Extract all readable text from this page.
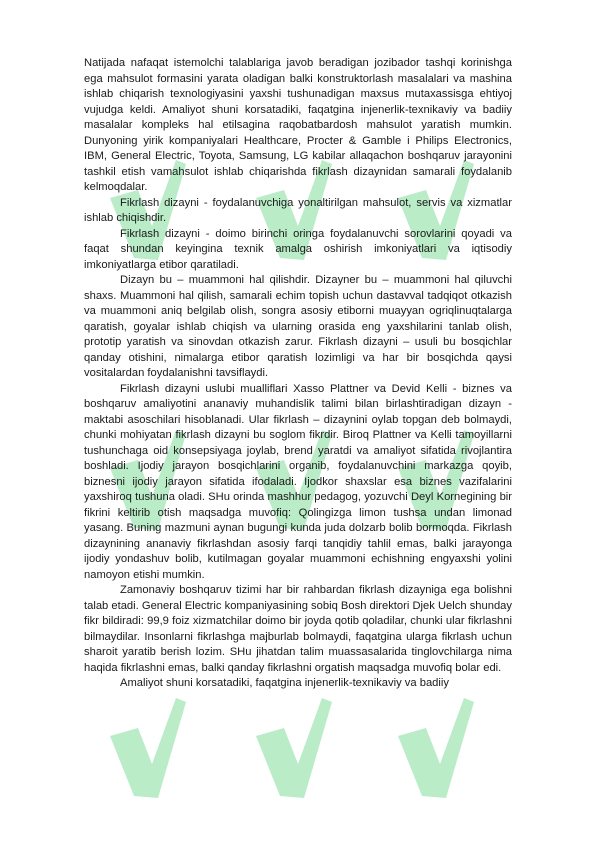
Natijada nafaqat istemolchi talablariga javob beradigan jozibador tashqi korinishga ega mahsulot formasini yarata oladigan balki konstruktorlash masalalari va mashina ishlab chiqarish texnologiyasini yaxshi tushunadigan maxsus mutaxassisga ehtiyoj vujudga keldi. Amaliyot shuni korsatadiki, faqatgina injenerlik-texnikaviy va badiiy masalalar kompleks hal etilsagina raqobatbardosh mahsulot yaratish mumkin. Dunyoning yirik kompaniyalari Healthcare, Procter & Gamble i Philips Electronics, IBM, General Electric, Toyota, Samsung, LG kabilar allaqachon boshqaruv jarayonini tashkil etish vamahsulot ishlab chiqarishda fikrlash dizaynidan samarali foydalanib kelmoqdalar.

Fikrlash dizayni - foydalanuvchiga yonaltirilgan mahsulot, servis va xizmatlar ishlab chiqishdir.

Fikrlash dizayni - doimo birinchi oringa foydalanuvchi sorovlarini qoyadi va faqat shundan keyingina texnik amalga oshirish imkoniyatlari va iqtisodiy imkoniyatlarga etibor qaratiladi.

Dizayn bu – muammoni hal qilishdir. Dizayner bu – muammoni hal qiluvchi shaxs. Muammoni hal qilish, samarali echim topish uchun dastavval tadqiqot otkazish va muammoni aniq belgilab olish, songra asosiy etiborni muayyan ogriqlinuqtalarga qaratish, goyalar ishlab chiqish va ularning orasida eng yaxshilarini tanlab olish, prototip yaratish va sinovdan otkazish zarur. Fikrlash dizayni – usuli bu bosqichlar qanday otishini, nimalarga etibor qaratish lozimligi va har bir bosqichda qaysi vositalardan foydalanishni tavsiflaydi.

Fikrlash dizayni uslubi mualliflari Xasso Plattner va Devid Kelli - biznes va boshqaruv amaliyotini ananaviy muhandislik talimi bilan birlashtiradigan dizayn - maktabi asoschilari hisoblanadi. Ular fikrlash – dizaynini oylab topgan deb bolmaydi, chunki mohiyatan fikrlash dizayni bu soglom fikrdir. Biroq Plattner va Kelli tamoyillarni tushunchaga oid konsepsiyaga joylab, brend yaratdi va amaliyot sifatida rivojlantira boshladi. Ijodiy jarayon bosqichlarini organib, foydalanuvchini markazga qoyib, biznesni ijodiy jarayon sifatida ifodaladi. Ijodkor shaxslar esa biznes vazifalarini yaxshiroq tushuna oladi. SHu orinda mashhur pedagog, yozuvchi Deyl Kornegining bir fikrini keltirib otish maqsadga muvofiq: Qolingizga limon tushsa undan limonad yasang. Buning mazmuni aynan bugungi kunda juda dolzarb bolib bormoqda. Fikrlash dizaynining ananaviy fikrlashdan asosiy farqi tanqidiy tahlil emas, balki jarayonga ijodiy yondashuv bolib, kutilmagan goyalar muammoni echishning engyaxshi yolini namoyon etishi mumkin.

Zamonaviy boshqaruv tizimi har bir rahbardan fikrlash dizayniga ega bolishni talab etadi. General Electric kompaniyasining sobiq Bosh direktori Djek Uelch shunday fikr bildiradi: 99,9 foiz xizmatchilar doimo bir joyda qotib qoladilar, chunki ular fikrlashni bilmaydilar. Insonlarni fikrlashga majburlab bolmaydi, faqatgina ularga fikrlash uchun sharoit yaratib berish lozim. SHu jihatdan talim muassasalarida tinglovchilarga nima haqida fikrlashni emas, balki qanday fikrlashni orgatish maqsadga muvofiq bolar edi.

Amaliyot shuni korsatadiki, faqatgina injenerlik-texnikaviy va badiiy
